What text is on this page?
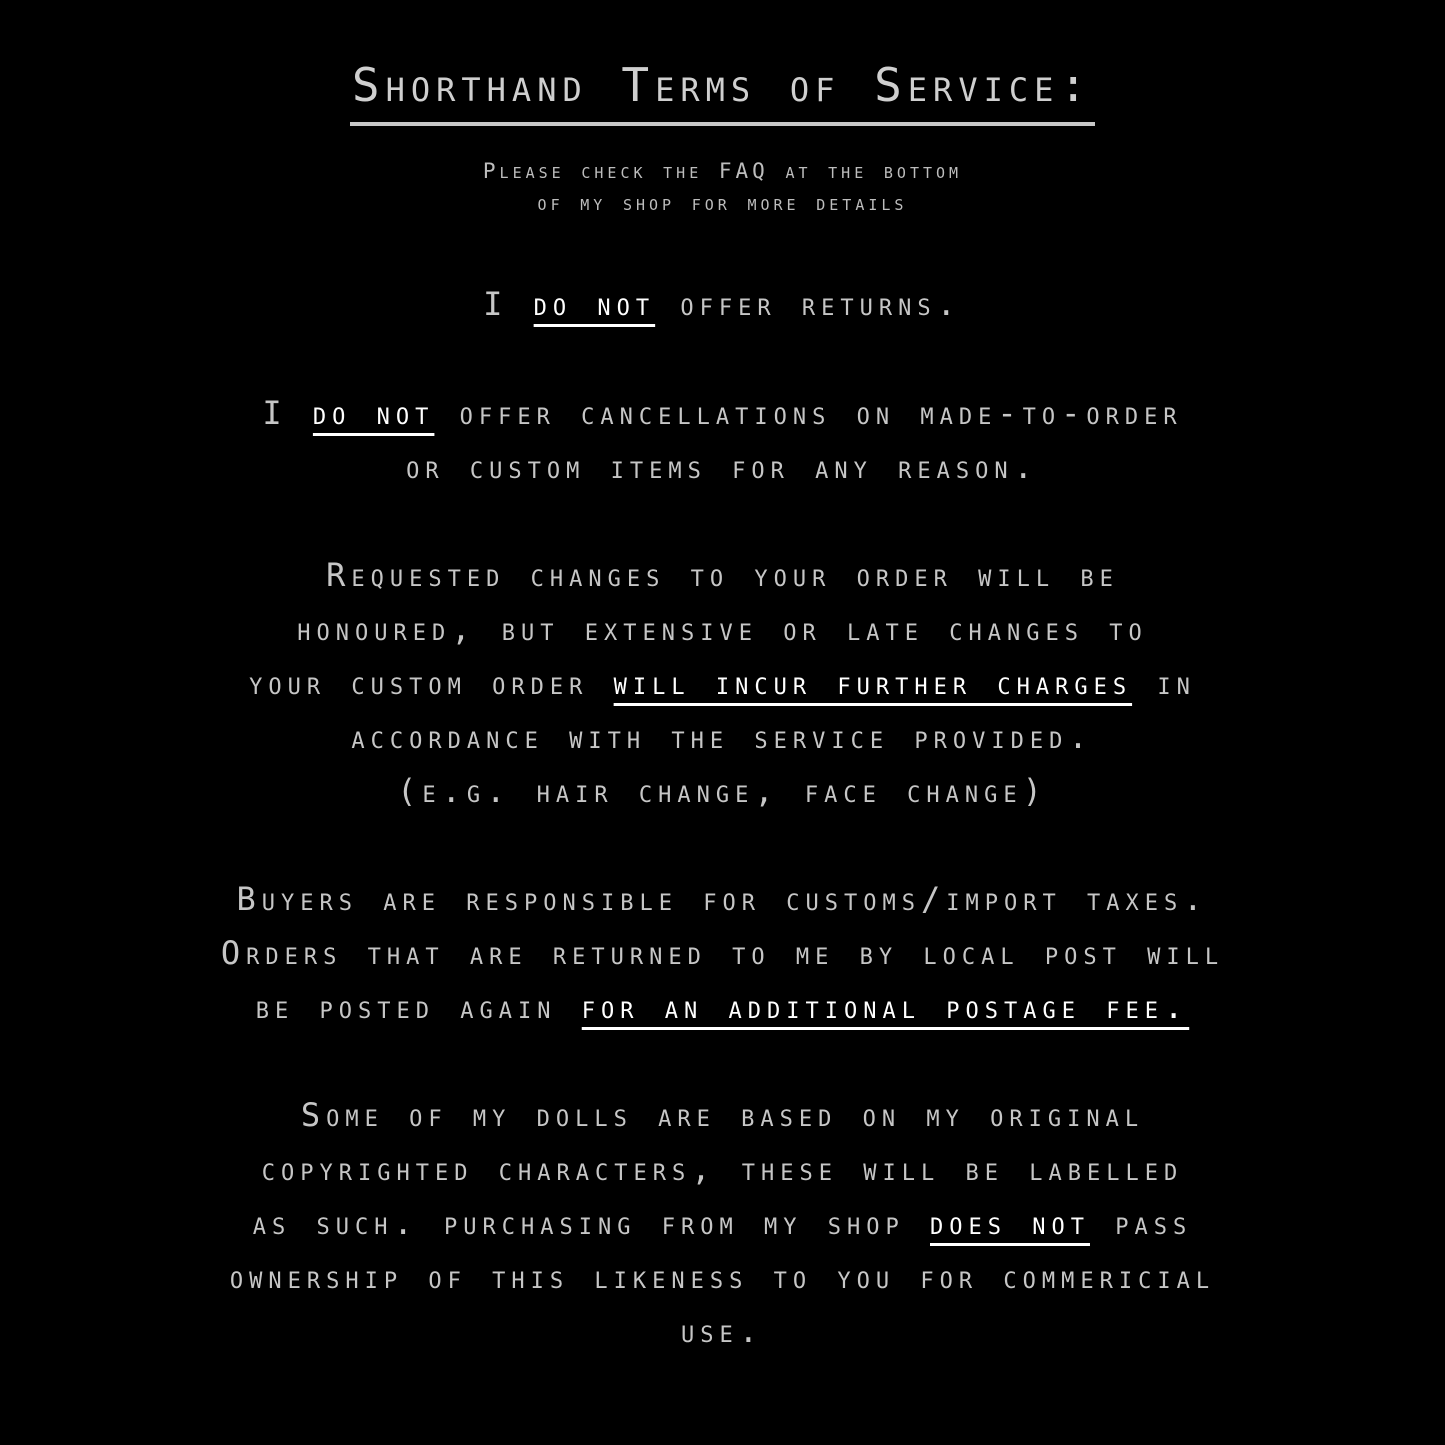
Shorthand Terms of Service:
Please check the FAQ at the bottom
of my shop for more details
I do not offer returns.
I do not offer cancellations on made-to-order
or custom items for any reason.
Requested changes to your order will be
honoured, but extensive or late changes to
your custom order will incur further charges in
accordance with the service provided.
(e.g. hair change, face change)
Buyers are responsible for customs/import taxes.
Orders that are returned to me by local post will
be posted again for an additional postage fee.
Some of my dolls are based on my original
copyrighted characters, these will be labelled
as such. purchasing from my shop does not pass
ownership of this likeness to you for commericial
use.
